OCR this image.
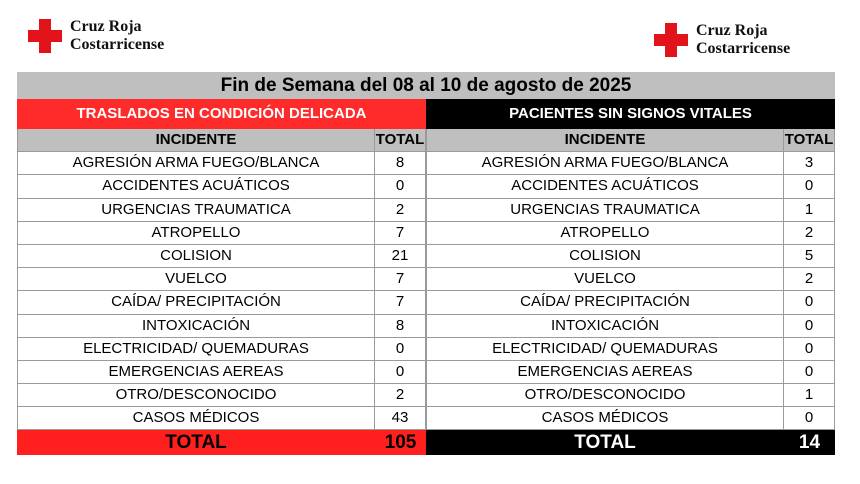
Cruz Roja
Costarricense
Cruz Roja
Costarricense
Fin de Semana del 08 al 10 de agosto de 2025
TRASLADOS EN CONDICIÓN DELICADA
INCIDENTE	TOTAL
AGRESIÓN ARMA FUEGO/BLANCA	8
ACCIDENTES ACUÁTICOS	0
URGENCIAS TRAUMATICA	2
ATROPELLO	7
COLISION	21
VUELCO	7
CAÍDA/ PRECIPITACIÓN	7
INTOXICACIÓN	8
ELECTRICIDAD/ QUEMADURAS	0
EMERGENCIAS AEREAS	0
OTRO/DESCONOCIDO	2
CASOS MÉDICOS	43
TOTAL	105
PACIENTES SIN SIGNOS VITALES
INCIDENTE	TOTAL
AGRESIÓN ARMA FUEGO/BLANCA	3
ACCIDENTES ACUÁTICOS	0
URGENCIAS TRAUMATICA	1
ATROPELLO	2
COLISION	5
VUELCO	2
CAÍDA/ PRECIPITACIÓN	0
INTOXICACIÓN	0
ELECTRICIDAD/ QUEMADURAS	0
EMERGENCIAS AEREAS	0
OTRO/DESCONOCIDO	1
CASOS MÉDICOS	0
TOTAL	14
